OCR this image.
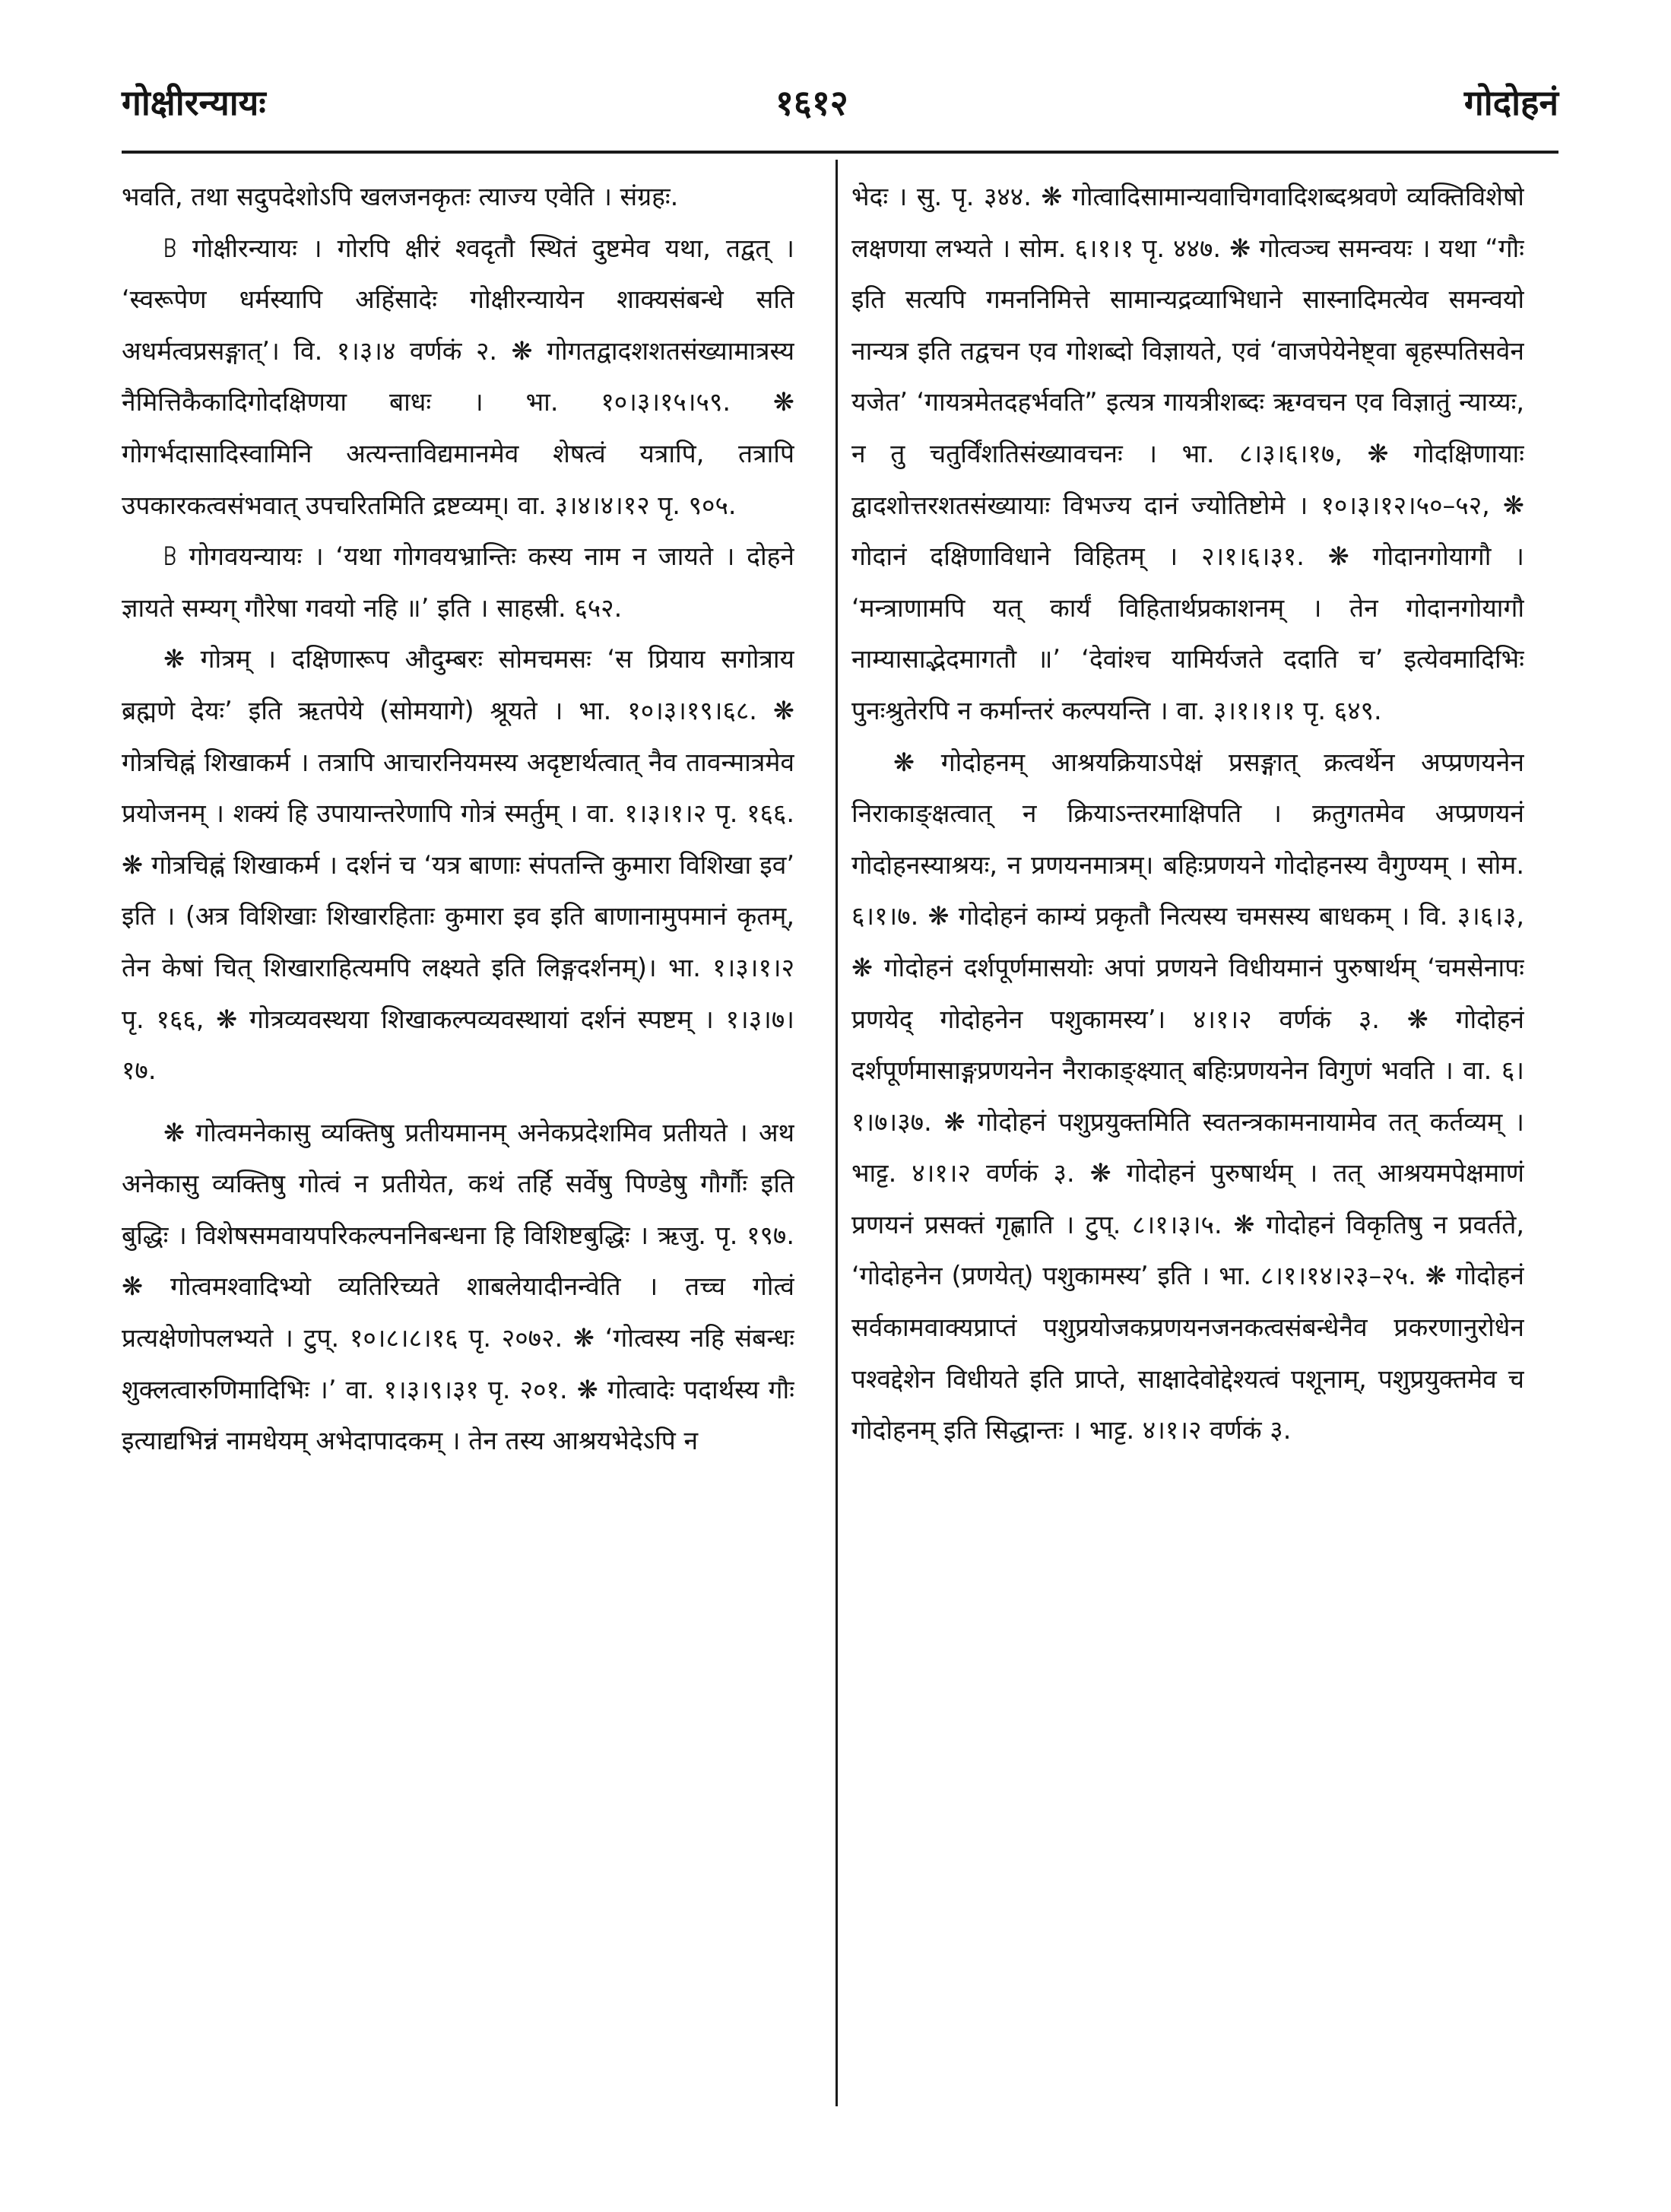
गोक्षीरन्यायः	१६१२	गोदोहनं

भवति, तथा सदुपदेशोऽपि खलजनकृतः त्याज्य एवेति । संग्रहः.

ꕗ गोक्षीरन्यायः । गोरपि क्षीरं श्वदृतौ स्थितं दुष्टमेव यथा, तद्वत् । ‘स्वरूपेण धर्मस्यापि अहिंसादेः गोक्षीरन्यायेन शाक्यसंबन्धे सति अधर्मत्वप्रसङ्गात्’। वि. १।३।४ वर्णकं २. ❋ गोगतद्वादशशतसंख्यामात्रस्य नैमित्तिकैकादिगोदक्षिणया बाधः । भा. १०।३।१५।५९. ❋ गोगर्भदासादिस्वामिनि अत्यन्ताविद्यमानमेव शेषत्वं यत्रापि, तत्रापि उपकारकत्वसंभवात् उपचरितमिति द्रष्टव्यम्। वा. ३।४।४।१२ पृ. ९०५.

ꕗ गोगवयन्यायः । ‘यथा गोगवयभ्रान्तिः कस्य नाम न जायते । दोहने ज्ञायते सम्यग् गौरेषा गवयो नहि ॥’ इति । साहस्री. ६५२.

❋ गोत्रम् । दक्षिणारूप औदुम्बरः सोमचमसः ‘स प्रियाय सगोत्राय ब्रह्मणे देयः’ इति ऋतपेये (सोमयागे) श्रूयते । भा. १०।३।१९।६८. ❋ गोत्रचिह्नं शिखाकर्म । तत्रापि आचारनियमस्य अदृष्टार्थत्वात् नैव तावन्मात्रमेव प्रयोजनम् । शक्यं हि उपायान्तरेणापि गोत्रं स्मर्तुम् । वा. १।३।१।२ पृ. १६६. ❋ गोत्रचिह्नं शिखाकर्म । दर्शनं च ‘यत्र बाणाः संपतन्ति कुमारा विशिखा इव’ इति । (अत्र विशिखाः शिखारहिताः कुमारा इव इति बाणानामुपमानं कृतम्, तेन केषां चित् शिखाराहित्यमपि लक्ष्यते इति लिङ्गदर्शनम्)। भा. १।३।१।२ पृ. १६६, ❋ गोत्रव्यवस्थया शिखाकल्पव्यवस्थायां दर्शनं स्पष्टम् । १।३।७।१७.

❋ गोत्वमनेकासु व्यक्तिषु प्रतीयमानम् अनेकप्रदेशमिव प्रतीयते । अथ अनेकासु व्यक्तिषु गोत्वं न प्रतीयेत, कथं तर्हि सर्वेषु पिण्डेषु गौर्गौः इति बुद्धिः । विशेषसमवायपरिकल्पननिबन्धना हि विशिष्टबुद्धिः । ऋजु. पृ. १९७. ❋ गोत्वमश्वादिभ्यो व्यतिरिच्यते शाबलेयादीनन्वेति । तच्च गोत्वं प्रत्यक्षेणोपलभ्यते । टुप्. १०।८।८।१६ पृ. २०७२. ❋ ‘गोत्वस्य नहि संबन्धः शुक्लत्वारुणिमादिभिः ।’ वा. १।३।९।३१ पृ. २०१. ❋ गोत्वादेः पदार्थस्य गौः इत्याद्यभिन्नं नामधेयम् अभेदापादकम् । तेन तस्य आश्रयभेदेऽपि न

भेदः । सु. पृ. ३४४. ❋ गोत्वादिसामान्यवाचिगवादिशब्दश्रवणे व्यक्तिविशेषो लक्षणया लभ्यते । सोम. ६।१।१ पृ. ४४७. ❋ गोत्वञ्च समन्वयः । यथा “गौः इति सत्यपि गमननिमित्ते सामान्यद्रव्याभिधाने सास्नादिमत्येव समन्वयो नान्यत्र इति तद्वचन एव गोशब्दो विज्ञायते, एवं ‘वाजपेयेनेष्ट्वा बृहस्पतिसवेन यजेत’ ‘गायत्रमेतदहर्भवति” इत्यत्र गायत्रीशब्दः ऋग्वचन एव विज्ञातुं न्याय्यः, न तु चतुर्विंशतिसंख्यावचनः । भा. ८।३।६।१७, ❋ गोदक्षिणायाः द्वादशोत्तरशतसंख्यायाः विभज्य दानं ज्योतिष्टोमे । १०।३।१२।५०–५२, ❋ गोदानं दक्षिणाविधाने विहितम् । २।१।६।३१. ❋ गोदानगोयागौ । ‘मन्त्राणामपि यत् कार्यं विहितार्थप्रकाशनम् । तेन गोदानगोयागौ नाम्यासाद्भेदमागतौ ॥’ ‘देवांश्च यामिर्यजते ददाति च’ इत्येवमादिभिः पुनःश्रुतेरपि न कर्मान्तरं कल्पयन्ति । वा. ३।१।१।१ पृ. ६४९.

❋ गोदोहनम् आश्रयक्रियाऽपेक्षं प्रसङ्गात् क्रत्वर्थेन अप्प्रणयनेन निराकाङ्क्षत्वात् न क्रियाऽन्तरमाक्षिपति । क्रतुगतमेव अप्प्रणयनं गोदोहनस्याश्रयः, न प्रणयनमात्रम्। बहिःप्रणयने गोदोहनस्य वैगुण्यम् । सोम. ६।१।७. ❋ गोदोहनं काम्यं प्रकृतौ नित्यस्य चमसस्य बाधकम् । वि. ३।६।३, ❋ गोदोहनं दर्शपूर्णमासयोः अपां प्रणयने विधीयमानं पुरुषार्थम् ‘चमसेनापः प्रणयेद् गोदोहनेन पशुकामस्य’। ४।१।२ वर्णकं ३. ❋ गोदोहनं दर्शपूर्णमासाङ्गप्रणयनेन नैराकाङ्क्ष्यात् बहिःप्रणयनेन विगुणं भवति । वा. ६।१।७।३७. ❋ गोदोहनं पशुप्रयुक्तमिति स्वतन्त्रकामनायामेव तत् कर्तव्यम् । भाट्ट. ४।१।२ वर्णकं ३. ❋ गोदोहनं पुरुषार्थम् । तत् आश्रयमपेक्षमाणं प्रणयनं प्रसक्तं गृह्णाति । टुप्. ८।१।३।५. ❋ गोदोहनं विकृतिषु न प्रवर्तते, ‘गोदोहनेन (प्रणयेत्) पशुकामस्य’ इति । भा. ८।१।१४।२३–२५. ❋ गोदोहनं सर्वकामवाक्यप्राप्तं पशुप्रयोजकप्रणयनजनकत्वसंबन्धेनैव प्रकरणानुरोधेन पश्वद्देशेन विधीयते इति प्राप्ते, साक्षादेवोद्देश्यत्वं पशूनाम्, पशुप्रयुक्तमेव च गोदोहनम् इति सिद्धान्तः । भाट्ट. ४।१।२ वर्णकं ३.
